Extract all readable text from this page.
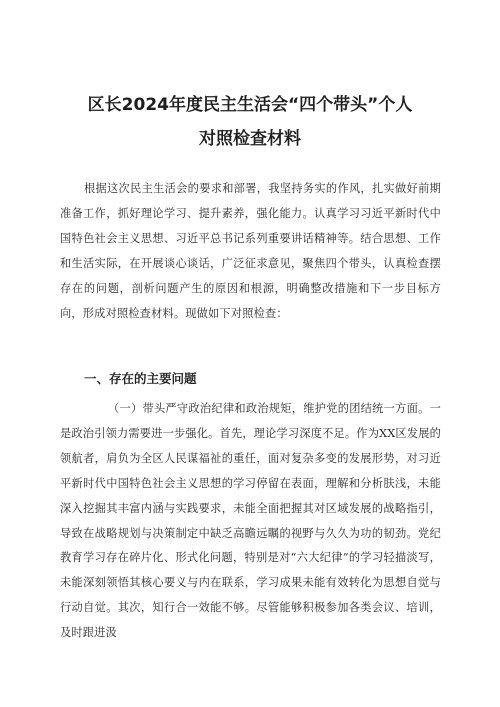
区长2024年度民主生活会“四个带头”个人
对照检查材料

根据这次民主生活会的要求和部署，我坚持务实的作风，扎实做好前期准备工作，抓好理论学习、提升素养，强化能力。认真学习习近平新时代中国特色社会主义思想、习近平总书记系列重要讲话精神等。结合思想、工作和生活实际，在开展谈心谈话，广泛征求意见，聚焦四个带头，认真检查摆存在的问题，剖析问题产生的原因和根源，明确整改措施和下一步目标方向，形成对照检查材料。现做如下对照检查：

一、存在的主要问题

（一）带头严守政治纪律和政治规矩，维护党的团结统一方面。一是政治引领力需要进一步强化。首先，理论学习深度不足。作为XX区发展的领航者，肩负为全区人民谋福祉的重任，面对复杂多变的发展形势，对习近平新时代中国特色社会主义思想的学习停留在表面，理解和分析肤浅，未能深入挖掘其丰富内涵与实践要求，未能全面把握其对区域发展的战略指引，导致在战略规划与决策制定中缺乏高瞻远瞩的视野与久久为功的韧劲。党纪教育学习存在碎片化、形式化问题，特别是对“六大纪律”的学习轻描淡写，未能深刻领悟其核心要义与内在联系，学习成果未能有效转化为思想自觉与行动自觉。其次，知行合一效能不够。尽管能够积极参加各类会议、培训，及时跟进汲
